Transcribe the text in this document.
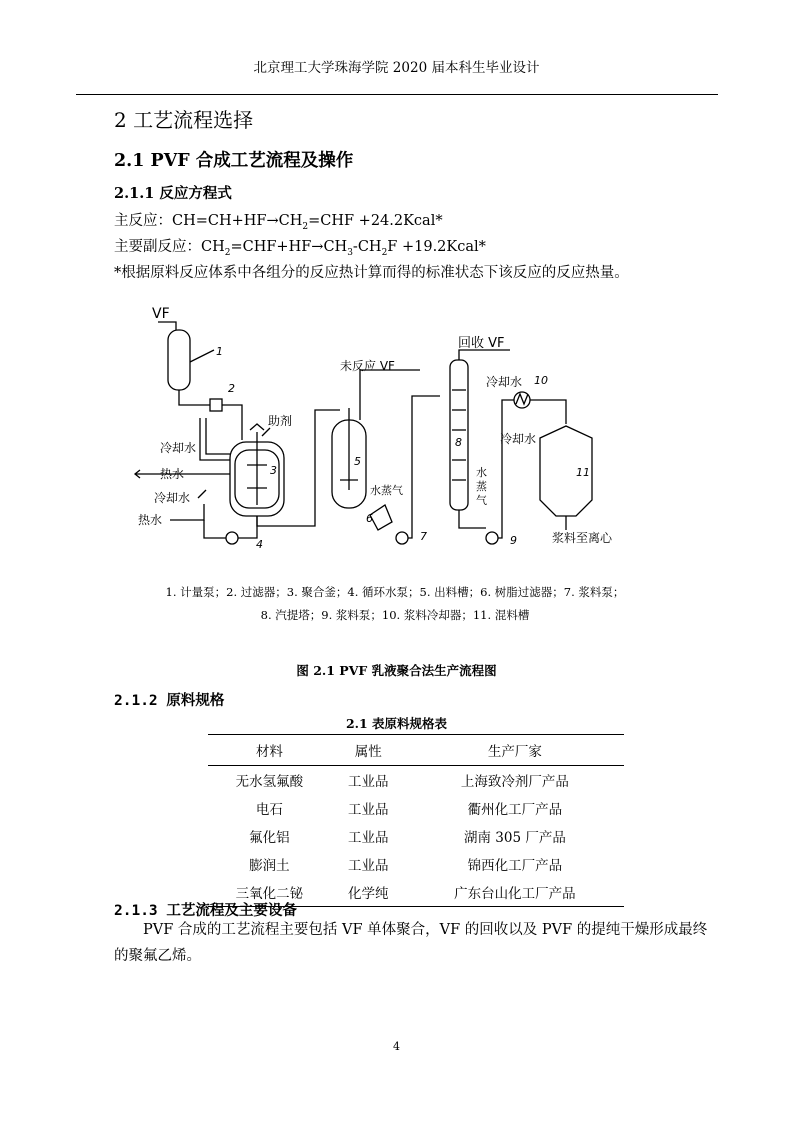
北京理工大学珠海学院 2020 届本科生毕业设计
2 工艺流程选择
2.1 PVF 合成工艺流程及操作
2.1.1 反应方程式
主反应：$CH=CH+HF\to CH_2=CHF$ +24.2Kcal*
主要副反应：$CH_2=CHF+HF\to CH_3-CH_2F$ +19.2Kcal*
*根据原料反应体系中各组分的反应热计算而得的标准状态下该反应的反应热量。
VF
1
2
3
助剂
冷却水
热水
冷却水
热水
4
5
未反应 VF
水蒸气
6
7
8
回收 VF
冷却水
水
蒸
气
9
10
冷却水
11
浆料至离心
1. 计量泵；2. 过滤器；3. 聚合釜；4. 循环水泵；5. 出料槽；6. 树脂过滤器；7. 浆料泵；
8. 汽提塔；9. 浆料泵；10. 浆料冷却器；11. 混料槽
图 2.1 PVF 乳液聚合法生产流程图
2.1.2 原料规格
2.1 表原料规格表
材料	属性	生产厂家
无水氢氟酸	工业品	上海致冷剂厂产品
电石	工业品	衢州化工厂产品
氟化铝	工业品	湖南 305 厂产品
膨润土	工业品	锦西化工厂产品
三氧化二铋	化学纯	广东台山化工厂产品
2.1.3 工艺流程及主要设备
PVF 合成的工艺流程主要包括 VF 单体聚合，VF 的回收以及 PVF 的提纯干燥形成最终的聚氟乙烯。
4
